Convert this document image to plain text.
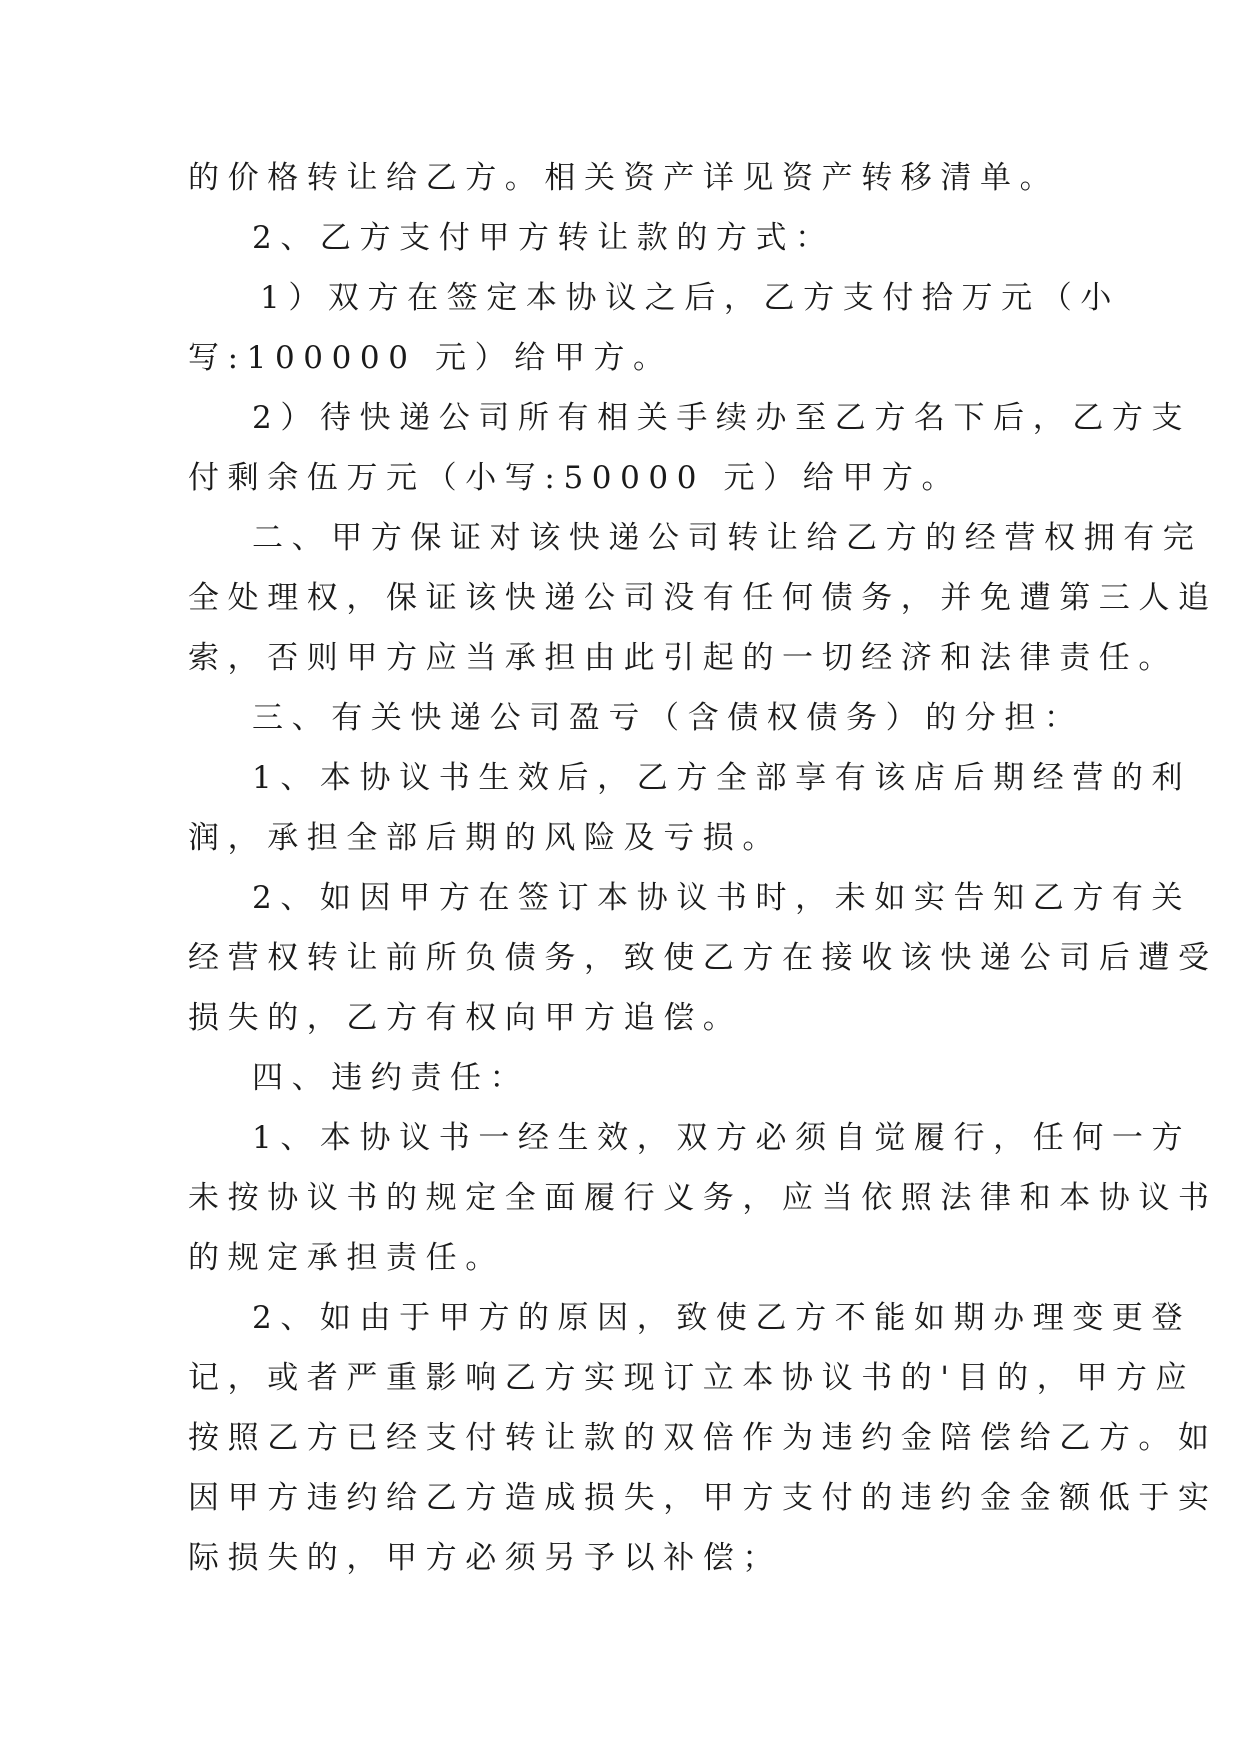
的价格转让给乙方。相关资产详见资产转移清单。
2、乙方支付甲方转让款的方式：
1）双方在签定本协议之后，乙方支付拾万元（小
写:100000 元）给甲方。
2）待快递公司所有相关手续办至乙方名下后，乙方支
付剩余伍万元（小写:50000 元）给甲方。
二、甲方保证对该快递公司转让给乙方的经营权拥有完
全处理权，保证该快递公司没有任何债务，并免遭第三人追
索，否则甲方应当承担由此引起的一切经济和法律责任。
三、有关快递公司盈亏（含债权债务）的分担：
1、本协议书生效后，乙方全部享有该店后期经营的利
润，承担全部后期的风险及亏损。
2、如因甲方在签订本协议书时，未如实告知乙方有关
经营权转让前所负债务，致使乙方在接收该快递公司后遭受
损失的，乙方有权向甲方追偿。
四、违约责任：
1、本协议书一经生效，双方必须自觉履行，任何一方
未按协议书的规定全面履行义务，应当依照法律和本协议书
的规定承担责任。
2、如由于甲方的原因，致使乙方不能如期办理变更登
记，或者严重影响乙方实现订立本协议书的'目的，甲方应
按照乙方已经支付转让款的双倍作为违约金陪偿给乙方。如
因甲方违约给乙方造成损失，甲方支付的违约金金额低于实
际损失的，甲方必须另予以补偿；
